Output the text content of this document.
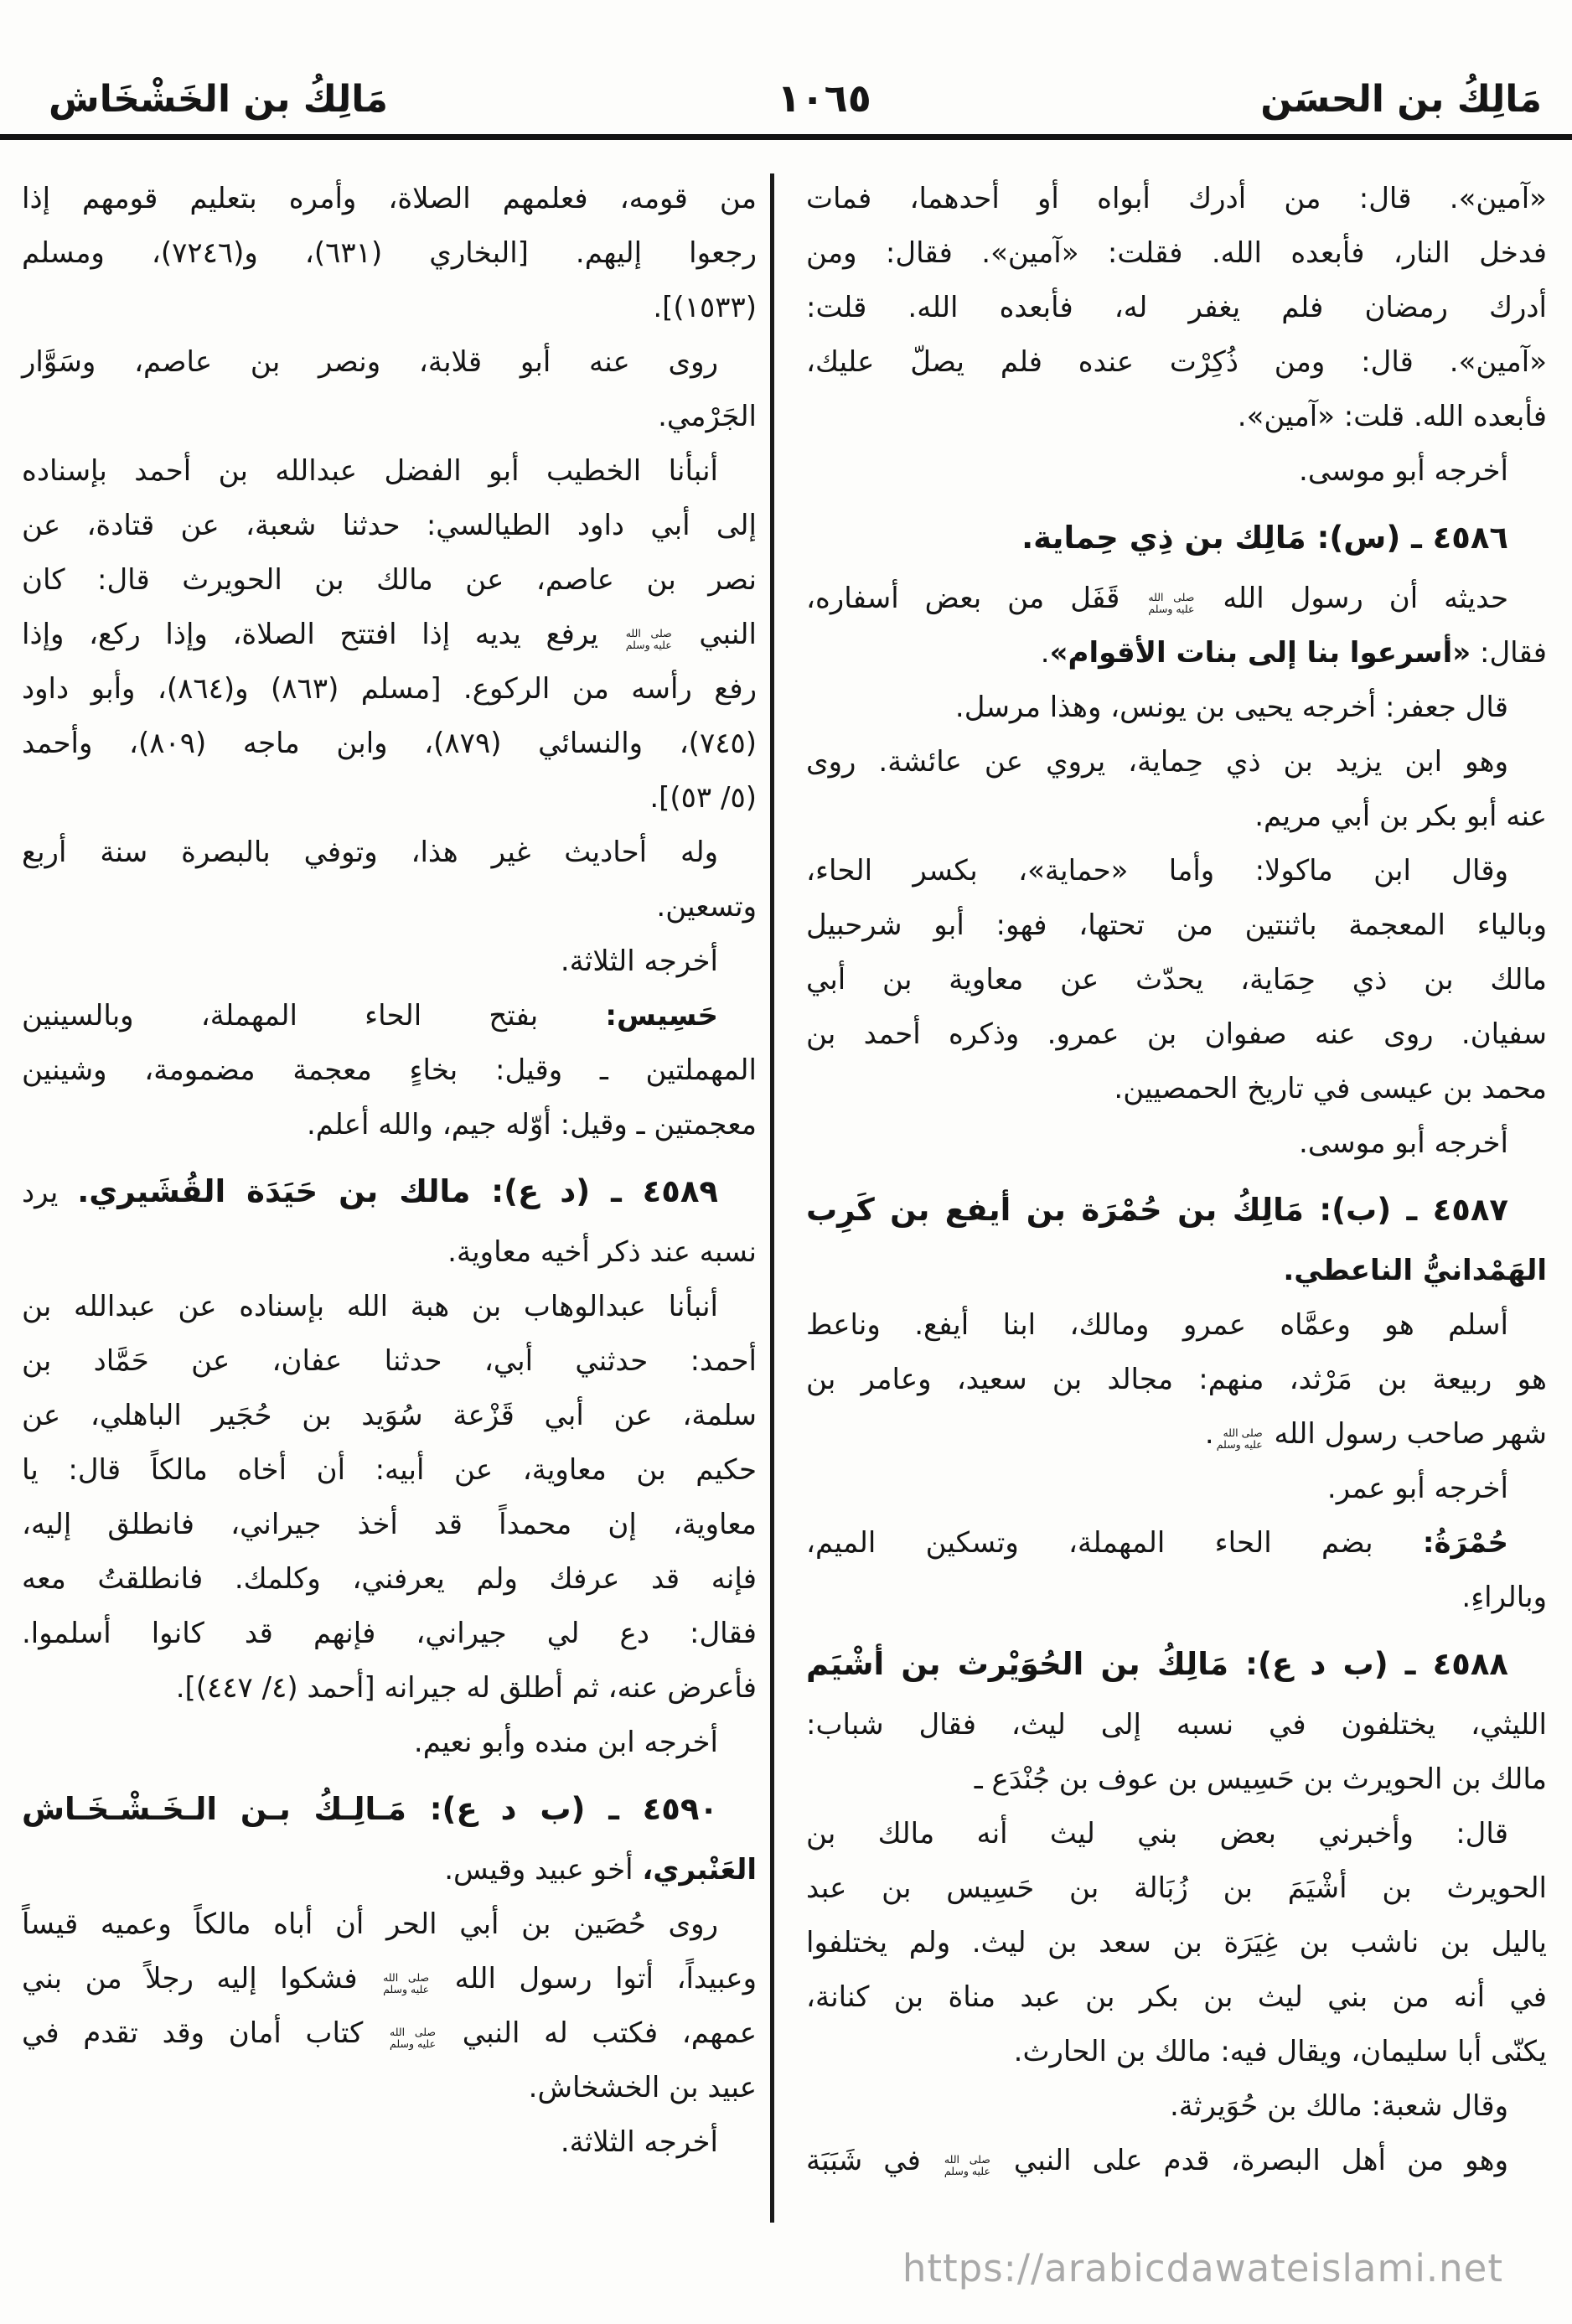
مَالِكُ بن الحسَن
١٠٦٥
مَالِكُ بن الخَشْخَاش
«آمين». قال: من أدرك أبواه أو أحدهما، فمات
فدخل النار، فأبعده الله. فقلت: «آمين». فقال: ومن
أدرك رمضان فلم يغفر له، فأبعده الله. قلت:
«آمين». قال: ومن ذُكِرْت عنده فلم يصلّ عليك،
فأبعده الله. قلت: «آمين».
أخرجه أبو موسى.
٤٥٨٦ ـ (س): مَالِك بن ذِي حِماية.
حديثه أن رسول الله صلى الله
عليه وسلم قَفَل من بعض أسفاره،
فقال: «أسرعوا بنا إلى بنات الأقوام».
قال جعفر: أخرجه يحيى بن يونس، وهذا مرسل.
وهو ابن يزيد بن ذي حِماية، يروي عن عائشة. روى
عنه أبو بكر بن أبي مريم.
وقال ابن ماكولا: وأما «حماية»، بكسر الحاء،
وبالياء المعجمة باثنتين من تحتها، فهو: أبو شرحبيل
مالك بن ذي حِمَاية، يحدّث عن معاوية بن أبي
سفيان. روى عنه صفوان بن عمرو. وذكره أحمد بن
محمد بن عيسى في تاريخ الحمصيين.
أخرجه أبو موسى.
٤٥٨٧ ـ (ب): مَالِكُ بن حُمْرَة بن أيفع بن كَرِب
الهَمْدانيُّ الناعطي.
أسلم هو وعمَّاه عمرو ومالك، ابنا أيفع. وناعط
هو ربيعة بن مَرْثد، منهم: مجالد بن سعيد، وعامر بن
شهر صاحب رسول الله صلى الله
عليه وسلم.
أخرجه أبو عمر.
حُمْرَةُ: بضم الحاء المهملة، وتسكين الميم،
وبالراءِ.
٤٥٨٨ ـ (ب د ع): مَالِكُ بن الحُوَيْرث بن أشْيَم
الليثي، يختلفون في نسبه إلى ليث، فقال شباب:
مالك بن الحويرث بن حَسِيس بن عوف بن جُنْدَع ـ
قال: وأخبرني بعض بني ليث أنه مالك بن
الحويرث بن أشْيَمَ بن زُبَالة بن حَسِيس بن عبد
ياليل بن ناشب بن غِيَرَة بن سعد بن ليث. ولم يختلفوا
في أنه من بني ليث بن بكر بن عبد مناة بن كنانة،
يكنّى أبا سليمان، ويقال فيه: مالك بن الحارث.
وقال شعبة: مالك بن حُوَيرثة.
وهو من أهل البصرة، قدم على النبي صلى الله
عليه وسلم في شَبَبَة
من قومه، فعلمهم الصلاة، وأمره بتعليم قومهم إذا
رجعوا إليهم. [البخاري (٦٣١)، و(٧٢٤٦)، ومسلم
(١٥٣٣)].
روى عنه أبو قلابة، ونصر بن عاصم، وسَوَّار
الجَرْمي.
أنبأنا الخطيب أبو الفضل عبدالله بن أحمد بإسناده
إلى أبي داود الطيالسي: حدثنا شعبة، عن قتادة، عن
نصر بن عاصم، عن مالك بن الحويرث قال: كان
النبي صلى الله
عليه وسلم يرفع يديه إذا افتتح الصلاة، وإذا ركع، وإذا
رفع رأسه من الركوع. [مسلم (٨٦٣) و(٨٦٤)، وأبو داود
(٧٤٥)، والنسائي (٨٧٩)، وابن ماجه (٨٠٩)، وأحمد
(٥/ ٥٣)].
وله أحاديث غير هذا، وتوفي بالبصرة سنة أربع
وتسعين.
أخرجه الثلاثة.
حَسِيس: بفتح الحاء المهملة، وبالسينين
المهملتين ـ وقيل: بخاءٍ معجمة مضمومة، وشينين
معجمتين ـ وقيل: أوّله جيم، والله أعلم.
٤٥٨٩ ـ (د ع): مالك بن حَيَدَة القُشَيري. يرد
نسبه عند ذكر أخيه معاوية.
أنبأنا عبدالوهاب بن هبة الله بإسناده عن عبدالله بن
أحمد: حدثني أبي، حدثنا عفان، عن حَمَّاد بن
سلمة، عن أبي قَزْعة سُوَيد بن حُجَير الباهلي، عن
حكيم بن معاوية، عن أبيه: أن أخاه مالكاً قال: يا
معاوية، إن محمداً قد أخذ جيراني، فانطلق إليه،
فإنه قد عرفك ولم يعرفني، وكلمك. فانطلقتُ معه
فقال: دع لي جيراني، فإنهم قد كانوا أسلموا.
فأعرض عنه، ثم أطلق له جيرانه [أحمد (٤/ ٤٤٧)].
أخرجه ابن منده وأبو نعيم.
٤٥٩٠ ـ (ب د ع): مَـالِـكُ بـن الـخَـشْـخَـاش
العَنْبري، أخو عبيد وقيس.
روى حُصَين بن أبي الحر أن أباه مالكاً وعميه قيساً
وعبيداً، أتوا رسول الله صلى الله
عليه وسلم فشكوا إليه رجلاً من بني
عمهم، فكتب له النبي صلى الله
عليه وسلم كتاب أمان وقد تقدم في
عبيد بن الخشخاش.
أخرجه الثلاثة.
https://arabicdawateislami.net
